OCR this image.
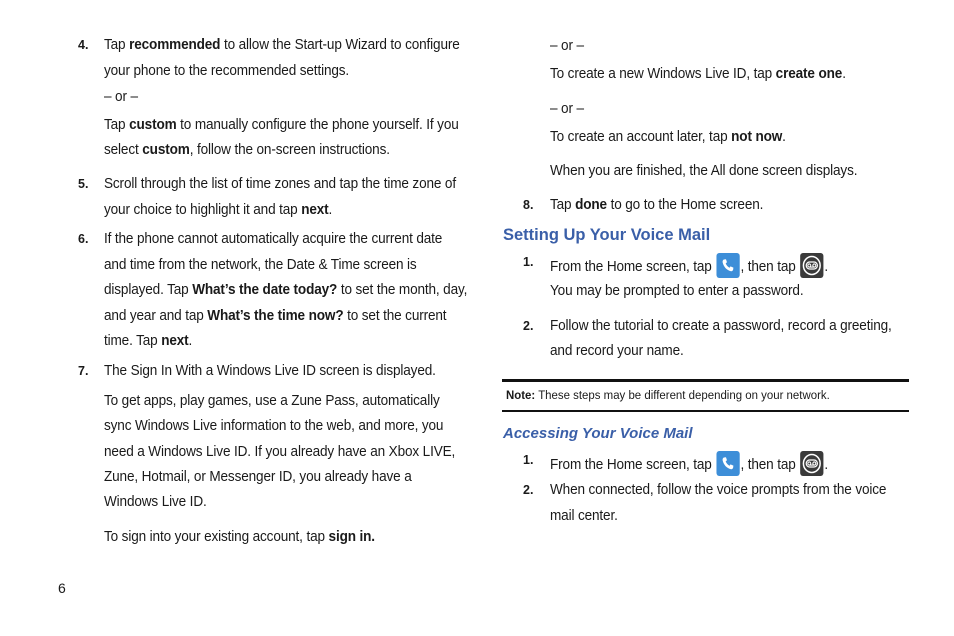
4. Tap recommended to allow the Start-up Wizard to configure
your phone to the recommended settings.
– or –
Tap custom to manually configure the phone yourself. If you
select custom, follow the on-screen instructions.
5. Scroll through the list of time zones and tap the time zone of
your choice to highlight it and tap next.
6. If the phone cannot automatically acquire the current date
and time from the network, the Date & Time screen is
displayed. Tap What’s the date today? to set the month, day,
and year and tap What’s the time now? to set the current
time. Tap next.
7. The Sign In With a Windows Live ID screen is displayed.
To get apps, play games, use a Zune Pass, automatically
sync Windows Live information to the web, and more, you
need a Windows Live ID. If you already have an Xbox LIVE,
Zune, Hotmail, or Messenger ID, you already have a
Windows Live ID.
To sign into your existing account, tap sign in.
– or –
To create a new Windows Live ID, tap create one.
– or –
To create an account later, tap not now.
When you are finished, the All done screen displays.
8. Tap done to go to the Home screen.
Setting Up Your Voice Mail
1. From the Home screen, tap
, then tap
.
You may be prompted to enter a password.
2. Follow the tutorial to create a password, record a greeting,
and record your name.
Note: These steps may be different depending on your network.
Accessing Your Voice Mail
1. From the Home screen, tap
, then tap
.
2. When connected, follow the voice prompts from the voice
mail center.
6
